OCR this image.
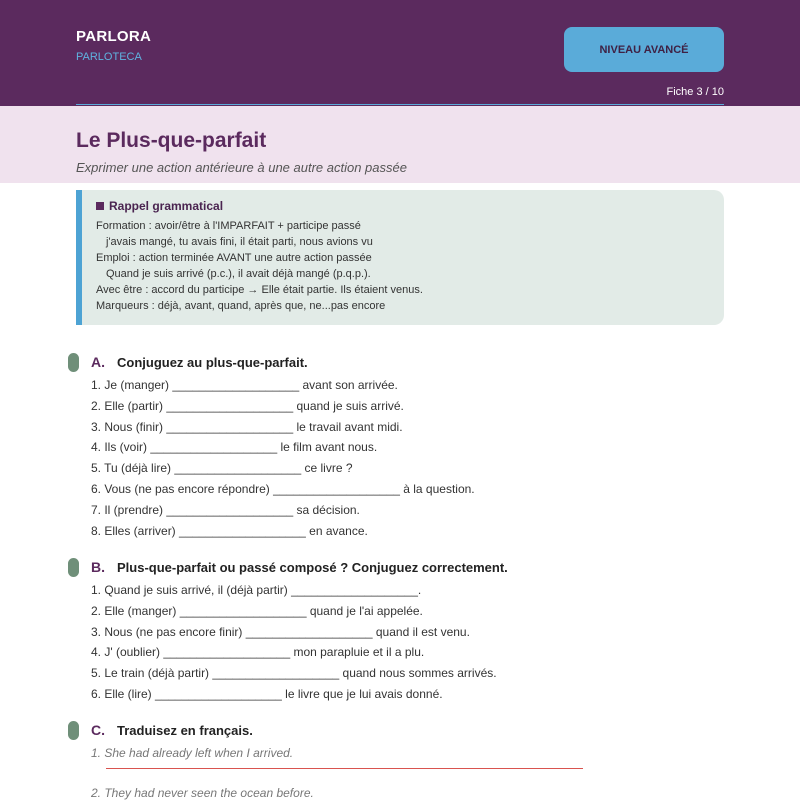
PARLORA
PARLOTECA
NIVEAU AVANCÉ
Fiche 3 / 10
Le Plus-que-parfait
Exprimer une action antérieure à une autre action passée
Rappel grammatical
Formation : avoir/être à l'IMPARFAIT + participe passé
j'avais mangé, tu avais fini, il était parti, nous avions vu
Emploi : action terminée AVANT une autre action passée
Quand je suis arrivé (p.c.), il avait déjà mangé (p.q.p.).
Avec être : accord du participe → Elle était partie. Ils étaient venus.
Marqueurs : déjà, avant, quand, après que, ne...pas encore
A. Conjuguez au plus-que-parfait.
1. Je (manger) ___________________ avant son arrivée.
2. Elle (partir) ___________________ quand je suis arrivé.
3. Nous (finir) ___________________ le travail avant midi.
4. Ils (voir) ___________________ le film avant nous.
5. Tu (déjà lire) ___________________ ce livre ?
6. Vous (ne pas encore répondre) ___________________ à la question.
7. Il (prendre) ___________________ sa décision.
8. Elles (arriver) ___________________ en avance.
B. Plus-que-parfait ou passé composé ? Conjuguez correctement.
1. Quand je suis arrivé, il (déjà partir) ___________________.
2. Elle (manger) ___________________ quand je l'ai appelée.
3. Nous (ne pas encore finir) ___________________ quand il est venu.
4. J' (oublier) ___________________ mon parapluie et il a plu.
5. Le train (déjà partir) ___________________ quand nous sommes arrivés.
6. Elle (lire) ___________________ le livre que je lui avais donné.
C. Traduisez en français.
1. She had already left when I arrived.
2. They had never seen the ocean before.
